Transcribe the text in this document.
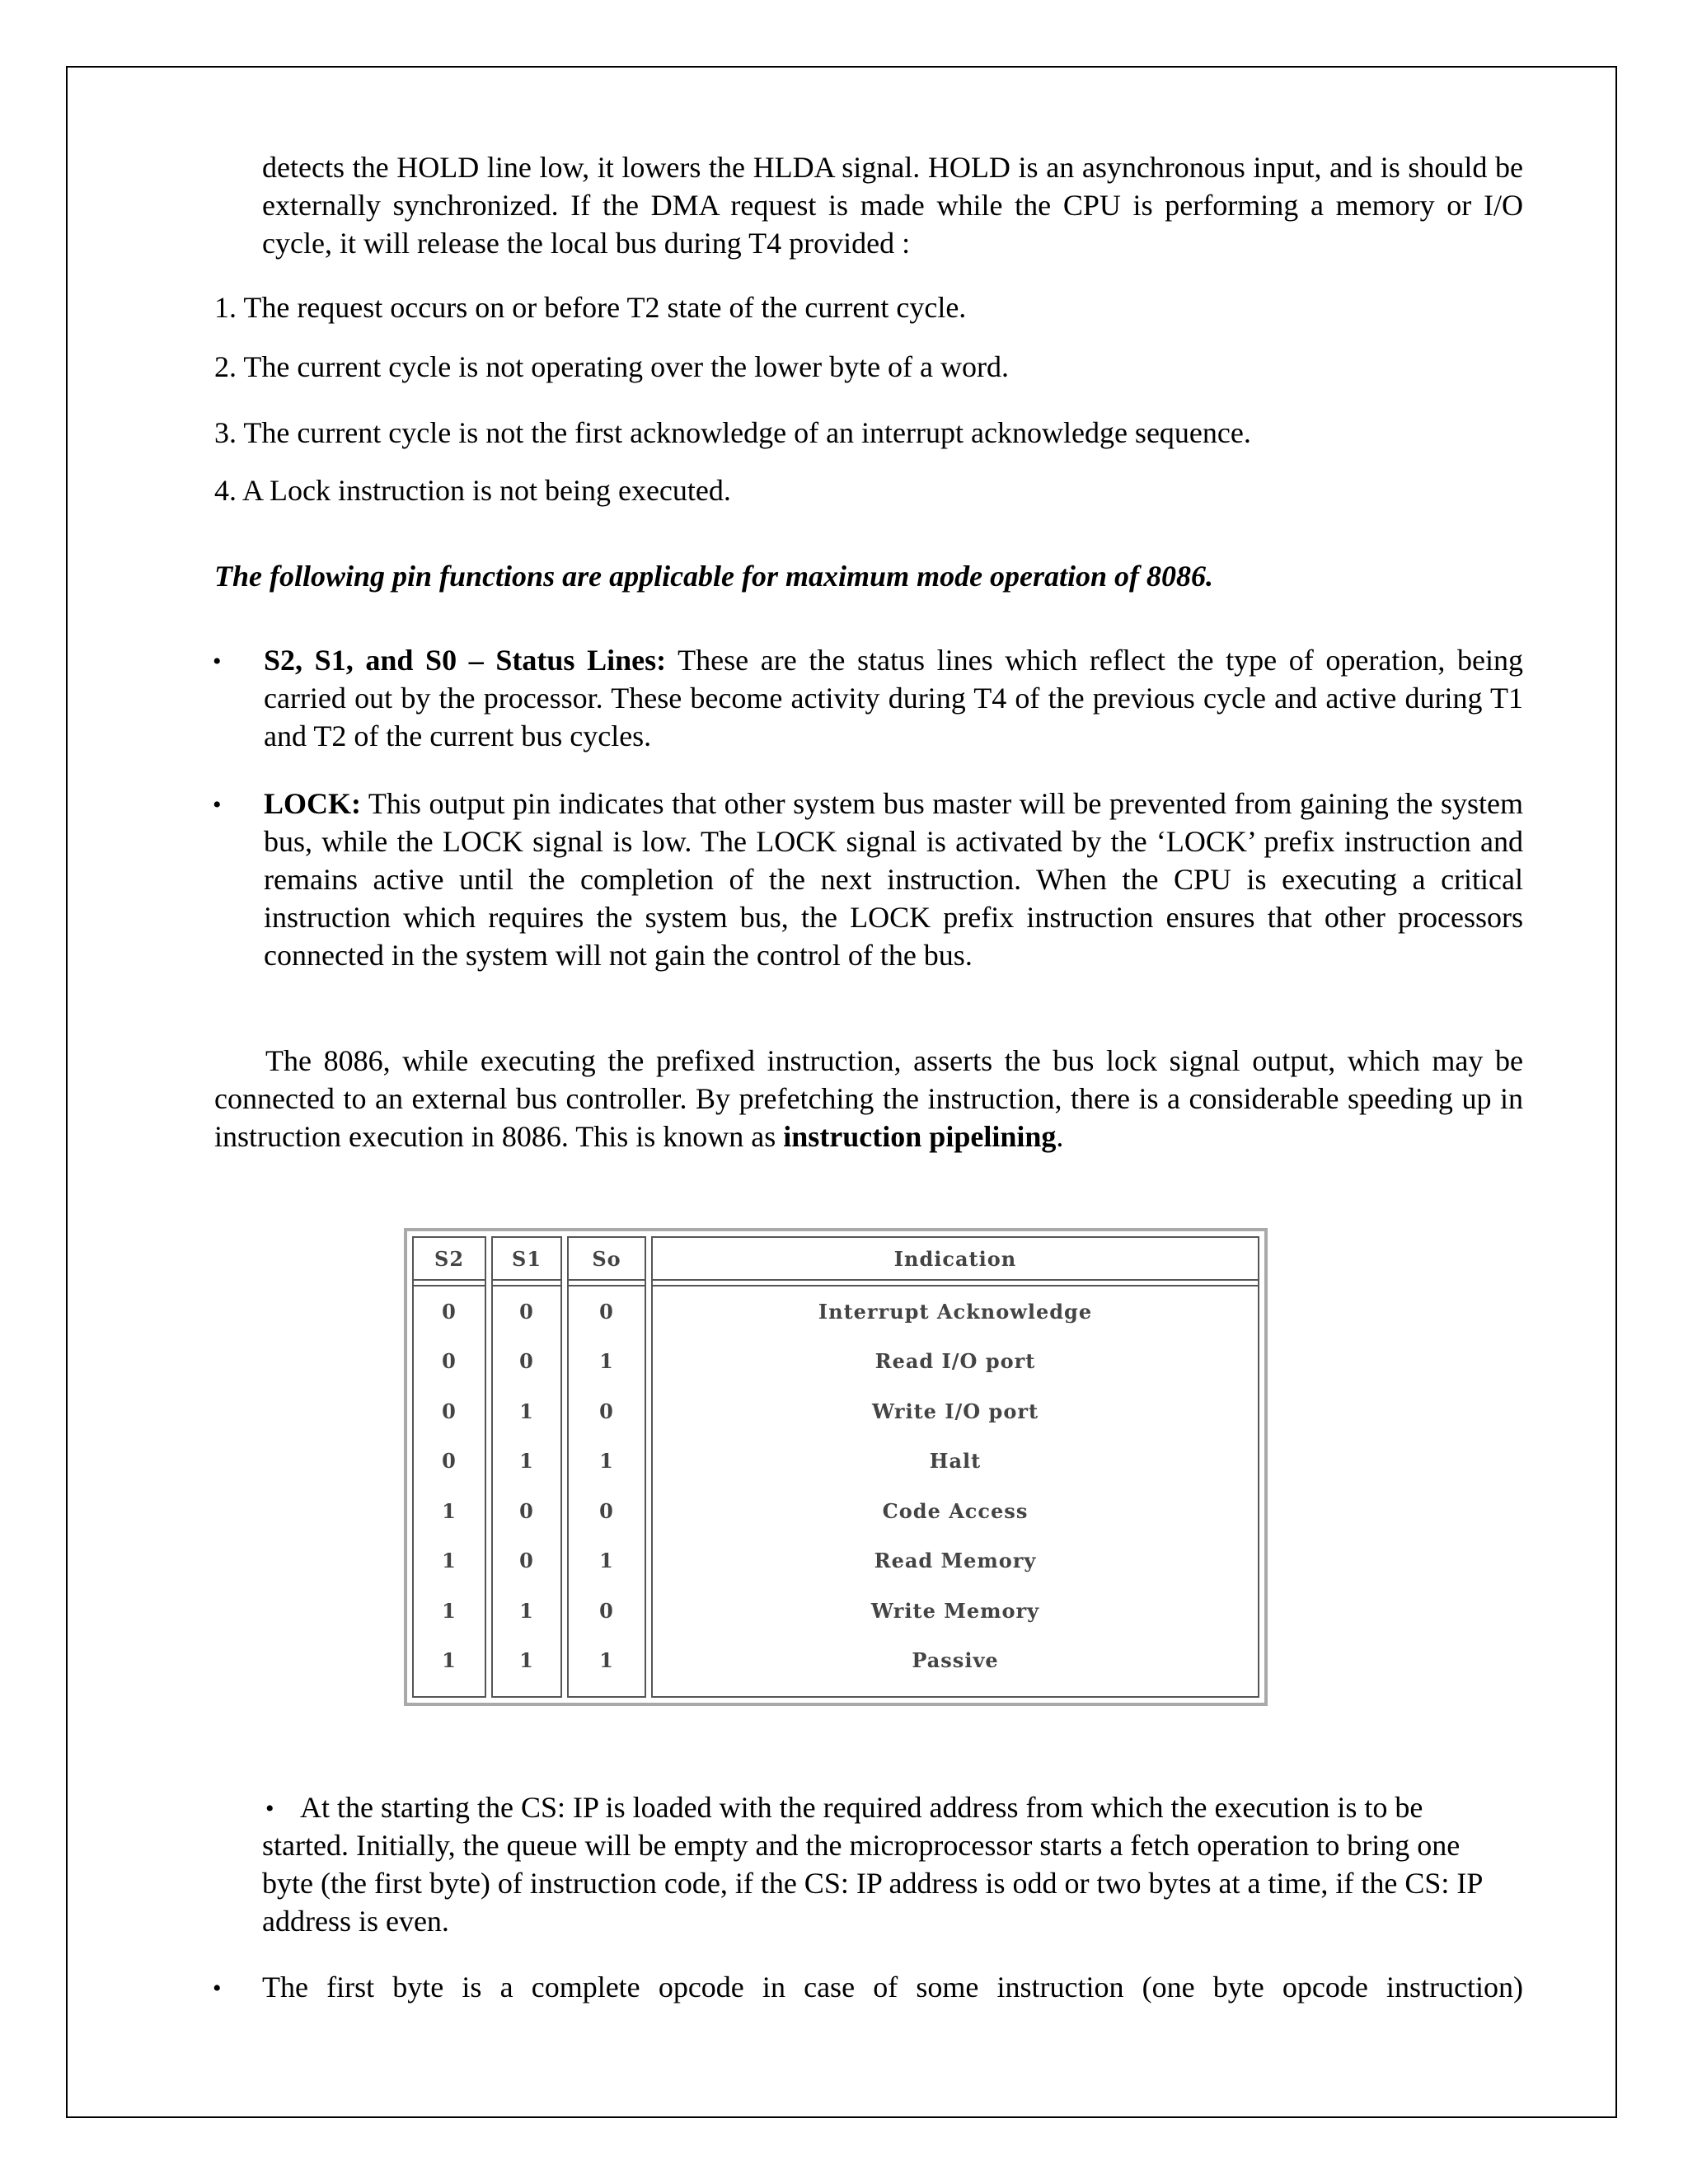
detects the HOLD line low, it lowers the HLDA signal. HOLD is an asynchronous input, and is should be externally synchronized. If the DMA request is made while the CPU is performing a memory or I/O cycle, it will release the local bus during T4 provided :

1. The request occurs on or before T2 state of the current cycle.

2. The current cycle is not operating over the lower byte of a word.

3. The current cycle is not the first acknowledge of an interrupt acknowledge sequence.

4. A Lock instruction is not being executed.

The following pin functions are applicable for maximum mode operation of 8086.

• S2, S1, and S0 – Status Lines: These are the status lines which reflect the type of operation, being carried out by the processor. These become activity during T4 of the previous cycle and active during T1 and T2 of the current bus cycles.

• LOCK: This output pin indicates that other system bus master will be prevented from gaining the system bus, while the LOCK signal is low. The LOCK signal is activated by the ‘LOCK’ prefix instruction and remains active until the completion of the next instruction. When the CPU is executing a critical instruction which requires the system bus, the LOCK prefix instruction ensures that other processors connected in the system will not gain the control of the bus.

The 8086, while executing the prefixed instruction, asserts the bus lock signal output, which may be connected to an external bus controller. By prefetching the instruction, there is a considerable speeding up in instruction execution in 8086. This is known as instruction pipelining.

S2
0
0
0
0
1
1
1
1
S1
0
0
1
1
0
0
1
1
So
0
1
0
1
0
1
0
1
Indication
Interrupt Acknowledge
Read I/O port
Write I/O port
Halt
Code Access
Read Memory
Write Memory
Passive
• At the starting the CS: IP is loaded with the required address from which the execution is to be started. Initially, the queue will be empty and the microprocessor starts a fetch operation to bring one byte (the first byte) of instruction code, if the CS: IP address is odd or two bytes at a time, if the CS: IP address is even.

• The first byte is a complete opcode in case of some instruction (one byte opcode instruction)
